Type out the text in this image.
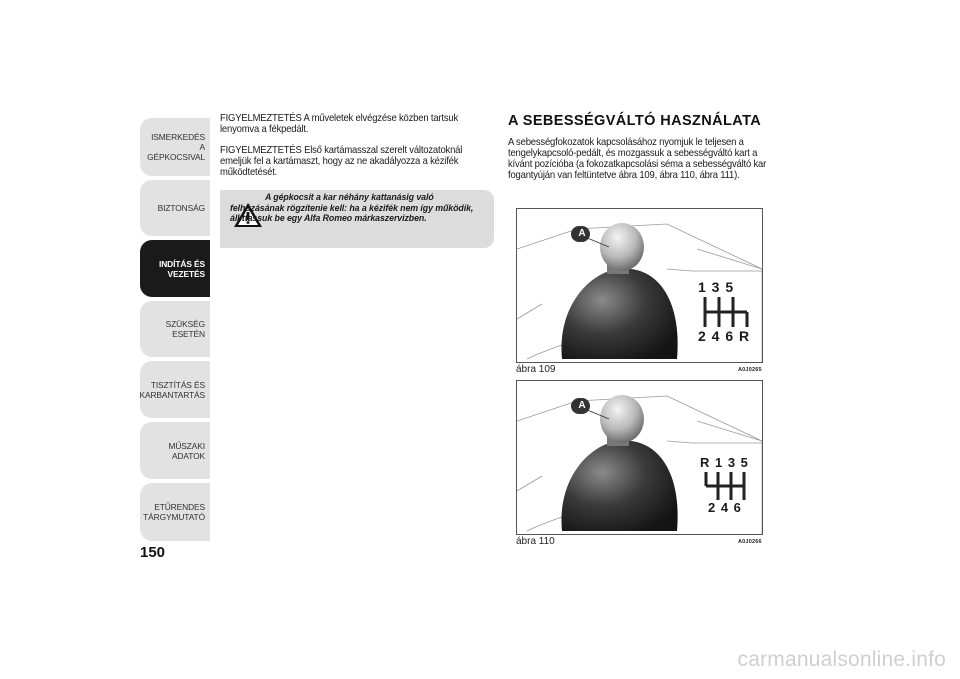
ISMERKEDÉS A
GÉPKOCSIVAL
BIZTONSÁG
INDÍTÁS ÉS
VEZETÉS
SZÜKSÉG ESETÉN
TISZTÍTÁS ÉS
KARBANTARTÁS
MŰSZAKI ADATOK
ETŰRENDES
TÁRGYMUTATÓ
150

FIGYELMEZTETÉS A műveletek elvégzése közben tartsuk lenyomva a fékpedált.

FIGYELMEZTETÉS Első kartámasszal szerelt változatoknál emeljük fel a kartámaszt, hogy az ne akadályozza a kézifék működtetését.

A gépkocsit a kar néhány kattanásig való felhúzásának rögzítenie kell: ha a kézifék nem így működik, állíttassuk be egy Alfa Romeo márkaszervizben.
A SEBESSÉGVÁLTÓ HASZNÁLATA
A sebességfokozatok kapcsolásához nyomjuk le teljesen a tengelykapcsoló-pedált, és mozgassuk a sebességváltó kart a kívánt pozícióba (a fokozatkapcsolási séma a sebességváltó kar fogantyúján van feltüntetve ábra 109, ábra 110, ábra 111).
A
1 3 5
2 4 6 R
ábra 109	A0J0265
A
R 1 3 5
2 4 6
ábra 110	A0J0266
carmanualsonline.info
